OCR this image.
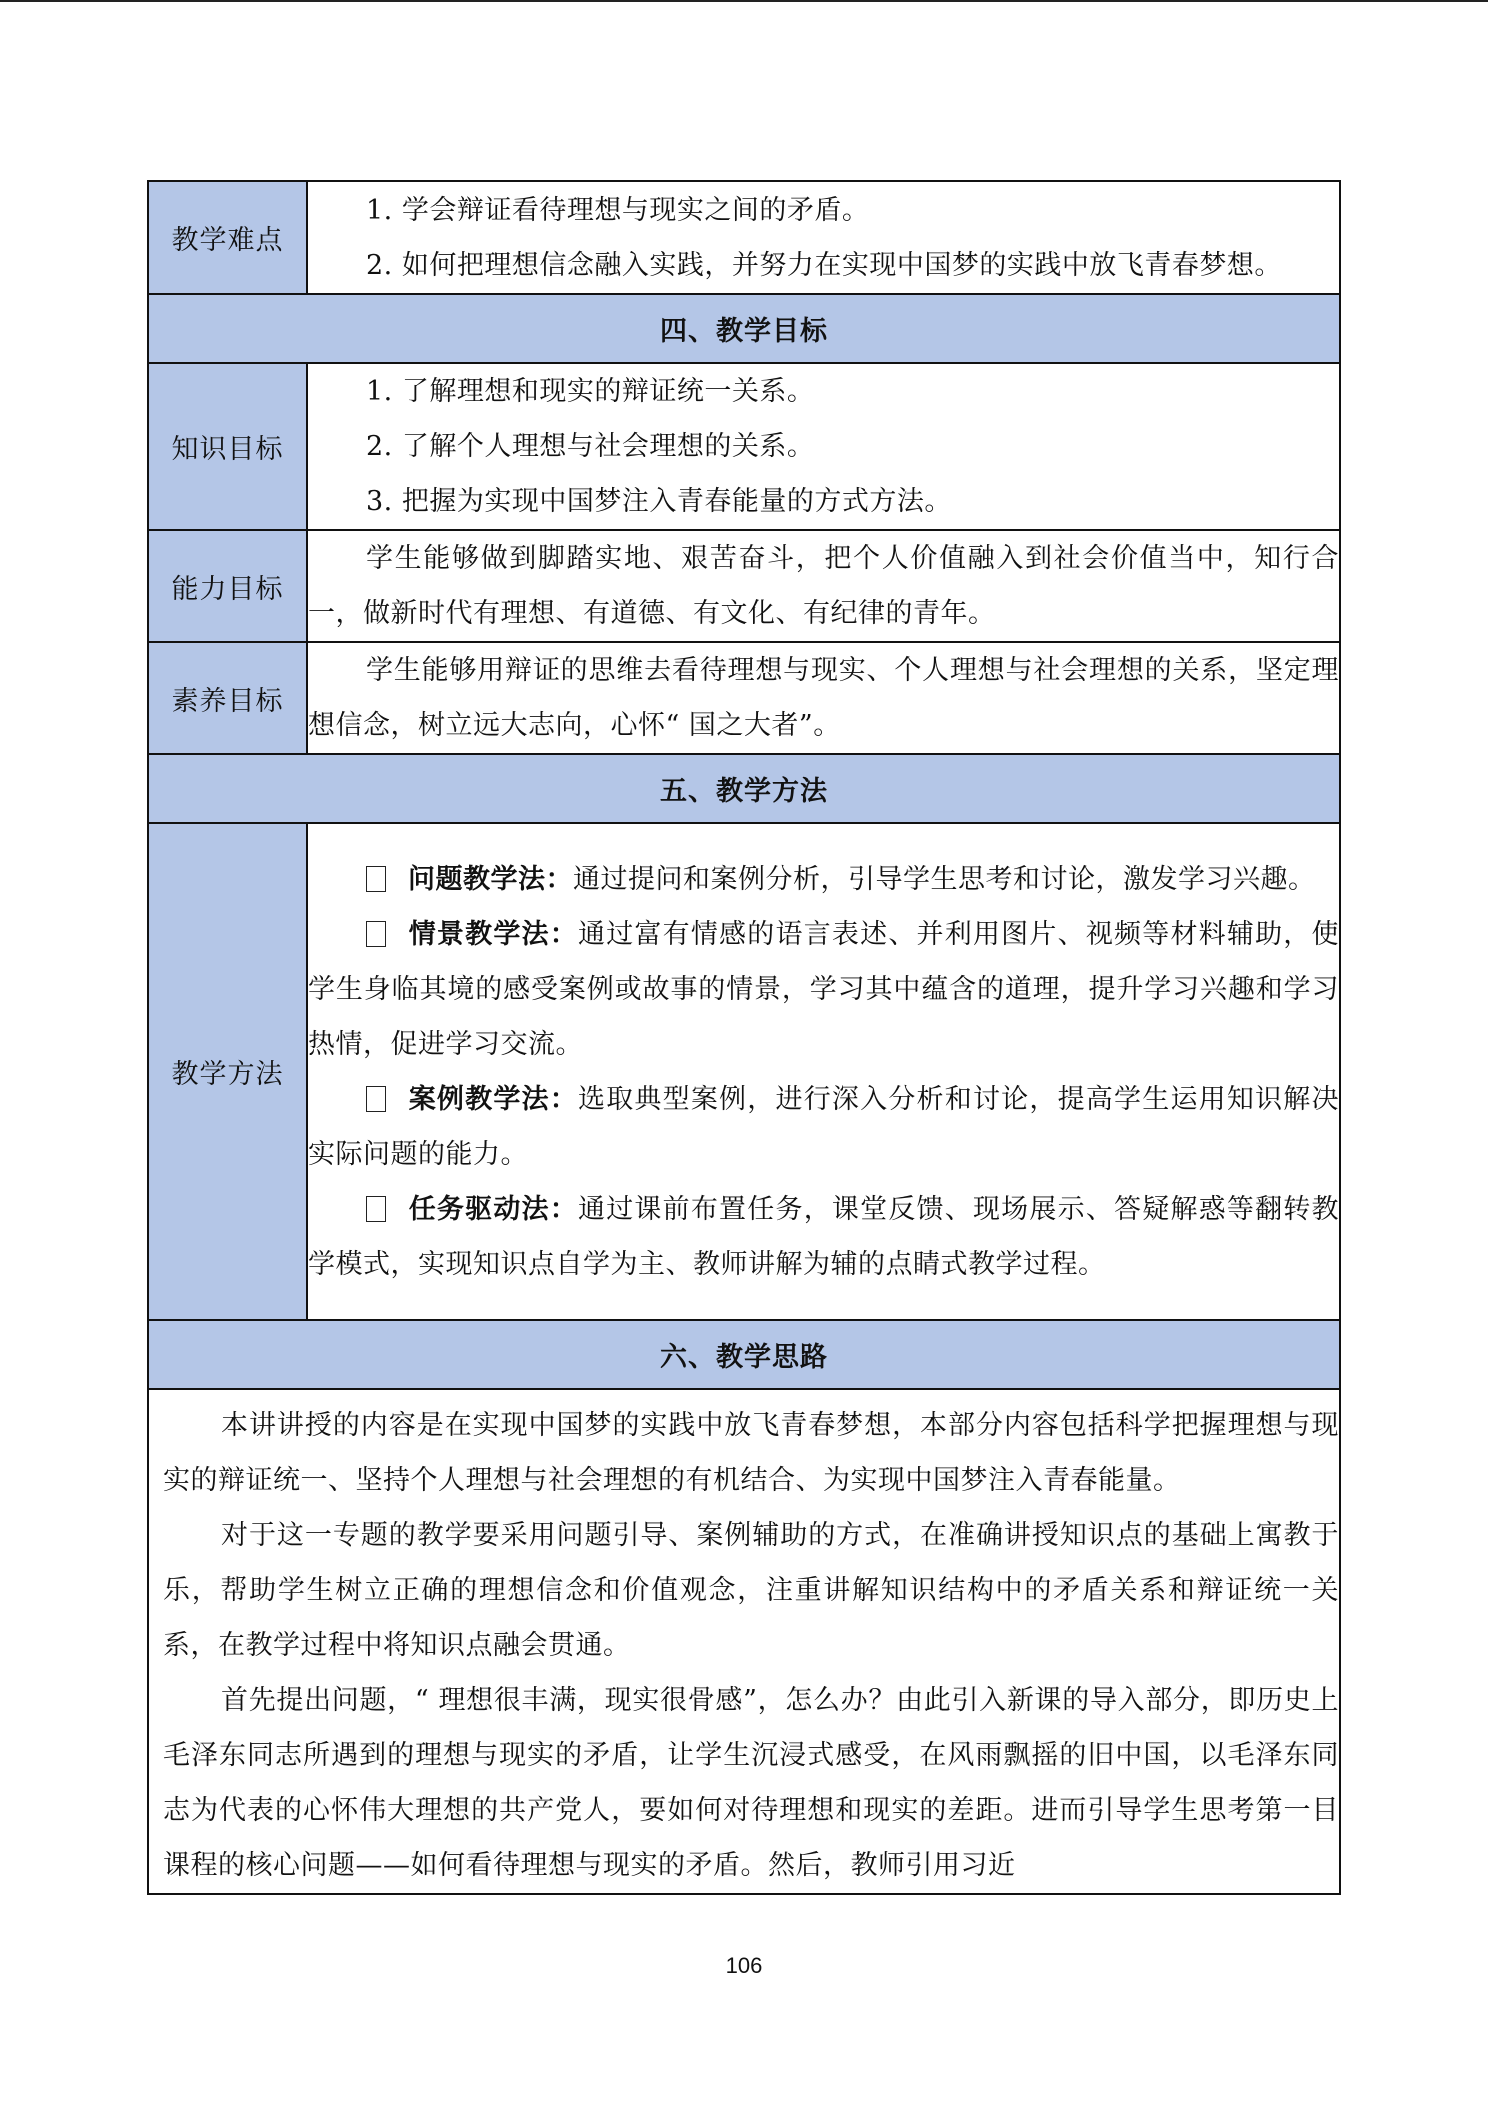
教学难点	1. 学会辩证看待理想与现实之间的矛盾。

2. 如何把理想信念融入实践，并努力在实现中国梦的实践中放飞青春梦想。

四、教学目标	
知识目标	1. 了解理想和现实的辩证统一关系。

2. 了解个人理想与社会理想的关系。

3. 把握为实现中国梦注入青春能量的方式方法。

能力目标	学生能够做到脚踏实地、艰苦奋斗，把个人价值融入到社会价值当中，知行合一，做新时代有理想、有道德、有文化、有纪律的青年。

素养目标	学生能够用辩证的思维去看待理想与现实、个人理想与社会理想的关系，坚定理想信念，树立远大志向，心怀“ 国之大者”。

五、教学方法	
教学方法	问题教学法：通过提问和案例分析，引导学生思考和讨论，激发学习兴趣。

情景教学法：通过富有情感的语言表述、并利用图片、视频等材料辅助，使学生身临其境的感受案例或故事的情景，学习其中蕴含的道理，提升学习兴趣和学习热情，促进学习交流。

案例教学法：选取典型案例，进行深入分析和讨论，提高学生运用知识解决实际问题的能力。

任务驱动法：通过课前布置任务，课堂反馈、现场展示、答疑解惑等翻转教学模式，实现知识点自学为主、教师讲解为辅的点睛式教学过程。

六、教学思路	

本讲讲授的内容是在实现中国梦的实践中放飞青春梦想，本部分内容包括科学把握理想与现实的辩证统一、坚持个人理想与社会理想的有机结合、为实现中国梦注入青春能量。

对于这一专题的教学要采用问题引导、案例辅助的方式，在准确讲授知识点的基础上寓教于乐，帮助学生树立正确的理想信念和价值观念，注重讲解知识结构中的矛盾关系和辩证统一关系，在教学过程中将知识点融会贯通。

首先提出问题，“ 理想很丰满，现实很骨感”，怎么办？由此引入新课的导入部分，即历史上毛泽东同志所遇到的理想与现实的矛盾，让学生沉浸式感受，在风雨飘摇的旧中国，以毛泽东同志为代表的心怀伟大理想的共产党人，要如何对待理想和现实的差距。进而引导学生思考第一目课程的核心问题——如何看待理想与现实的矛盾。然后，教师引用习近	

106
